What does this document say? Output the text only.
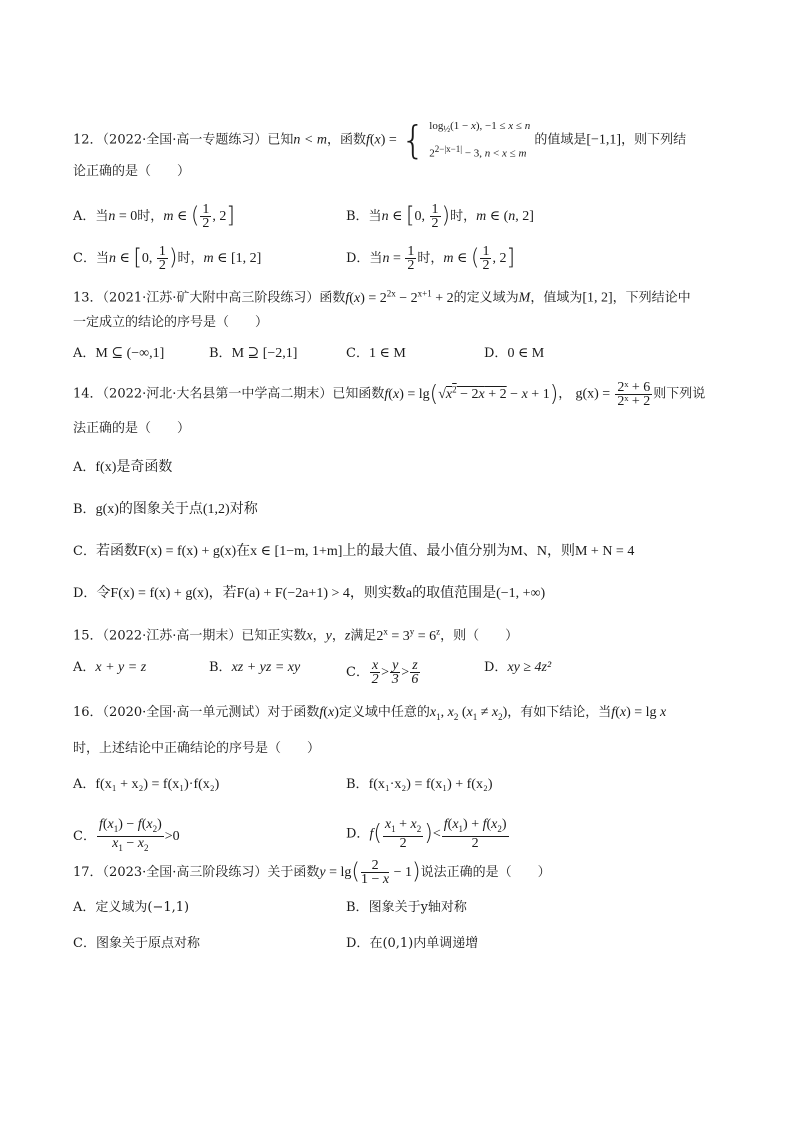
12．（2022·全国·高一专题练习）已知n < m，函数f(x) = { $\log_{\frac{1}{2}}(1 - x)$, −1 ≤ x ≤ n
$2^{2-|x-1|} - 3$, n < x ≤ m
的值域是[−1,1]，则下列结
论正确的是（　　）
A．当n = 0时，m ∈ ( $\frac{1}{2}$ , 2]	B．当n ∈ [0, $\frac{1}{2}$ )时，m ∈ (n, 2]
C．当n ∈ [0, $\frac{1}{2}$ )时，m ∈ [1, 2]	D．当$n = \frac{1}{2}$ 时，m ∈ ( $\frac{1}{2}$ , 2]
13．（2021·江苏·矿大附中高三阶段练习）函数$f(x) = 2^{2x} - 2^{x+1} + 2$的定义域为M，值域为[1, 2]，下列结论中
一定成立的结论的序号是（　　）
A．M ⊆ (−∞,1]	B．M ⊇ [−2,1]	C．1 ∈ M	D．0 ∈ M
14．（2022·河北·大名县第一中学高二期末）已知函数$f(x) = \lg(√x^2 - 2x + 2 - x + 1)$， $g(x) = \frac{\text{2ˣ + 6}}{\text{2ˣ + 2}}$ 则下列说
法正确的是（　　）
A．f(x)是奇函数
B．g(x)的图象关于点(1,2)对称
C．若函数F(x) = f(x) + g(x)在x ∈ [1−m, 1+m]上的最大值、最小值分别为M、N，则M + N = 4
D．令F(x) = f(x) + g(x)，若F(a) + F(−2a+1) > 4，则实数a的取值范围是(−1, +∞)
15．（2022·江苏·高一期末）已知正实数x，y，z满足$2^x = 3^y = 6^z$，则（　　）
A．x + y = z	B．xz + yz = xy	C． $\frac{x}{2} > \frac{y}{3} > \frac{z}{6}$	D．xy ≥ 4z²
16．（2020·全国·高一单元测试）对于函数f(x)定义域中任意的$x_1$, $x_2$ $(x_1 \ne x_2)$，有如下结论，当f(x) = lg x
时，上述结论中正确结论的序号是（　　）
A．f(x₁ + x₂) = f(x₁)·f(x₂)	B．f(x₁·x₂) = f(x₁) + f(x₂)
C． $\frac{f(x_1) - f(x_2)}{x_1 - x_2} >0$	D．$f( \frac{x_1 + x_2}{2}$ )< $\frac{f(x_1) + f(x_2)}{2}$
17．（2023·全国·高三阶段练习）关于函数$y = \lg( \frac{2}{1 - x} - 1)$说法正确的是（　　）
A．定义域为(−1,1)	B．图象关于y轴对称
C．图象关于原点对称	D．在(0,1)内单调递增
